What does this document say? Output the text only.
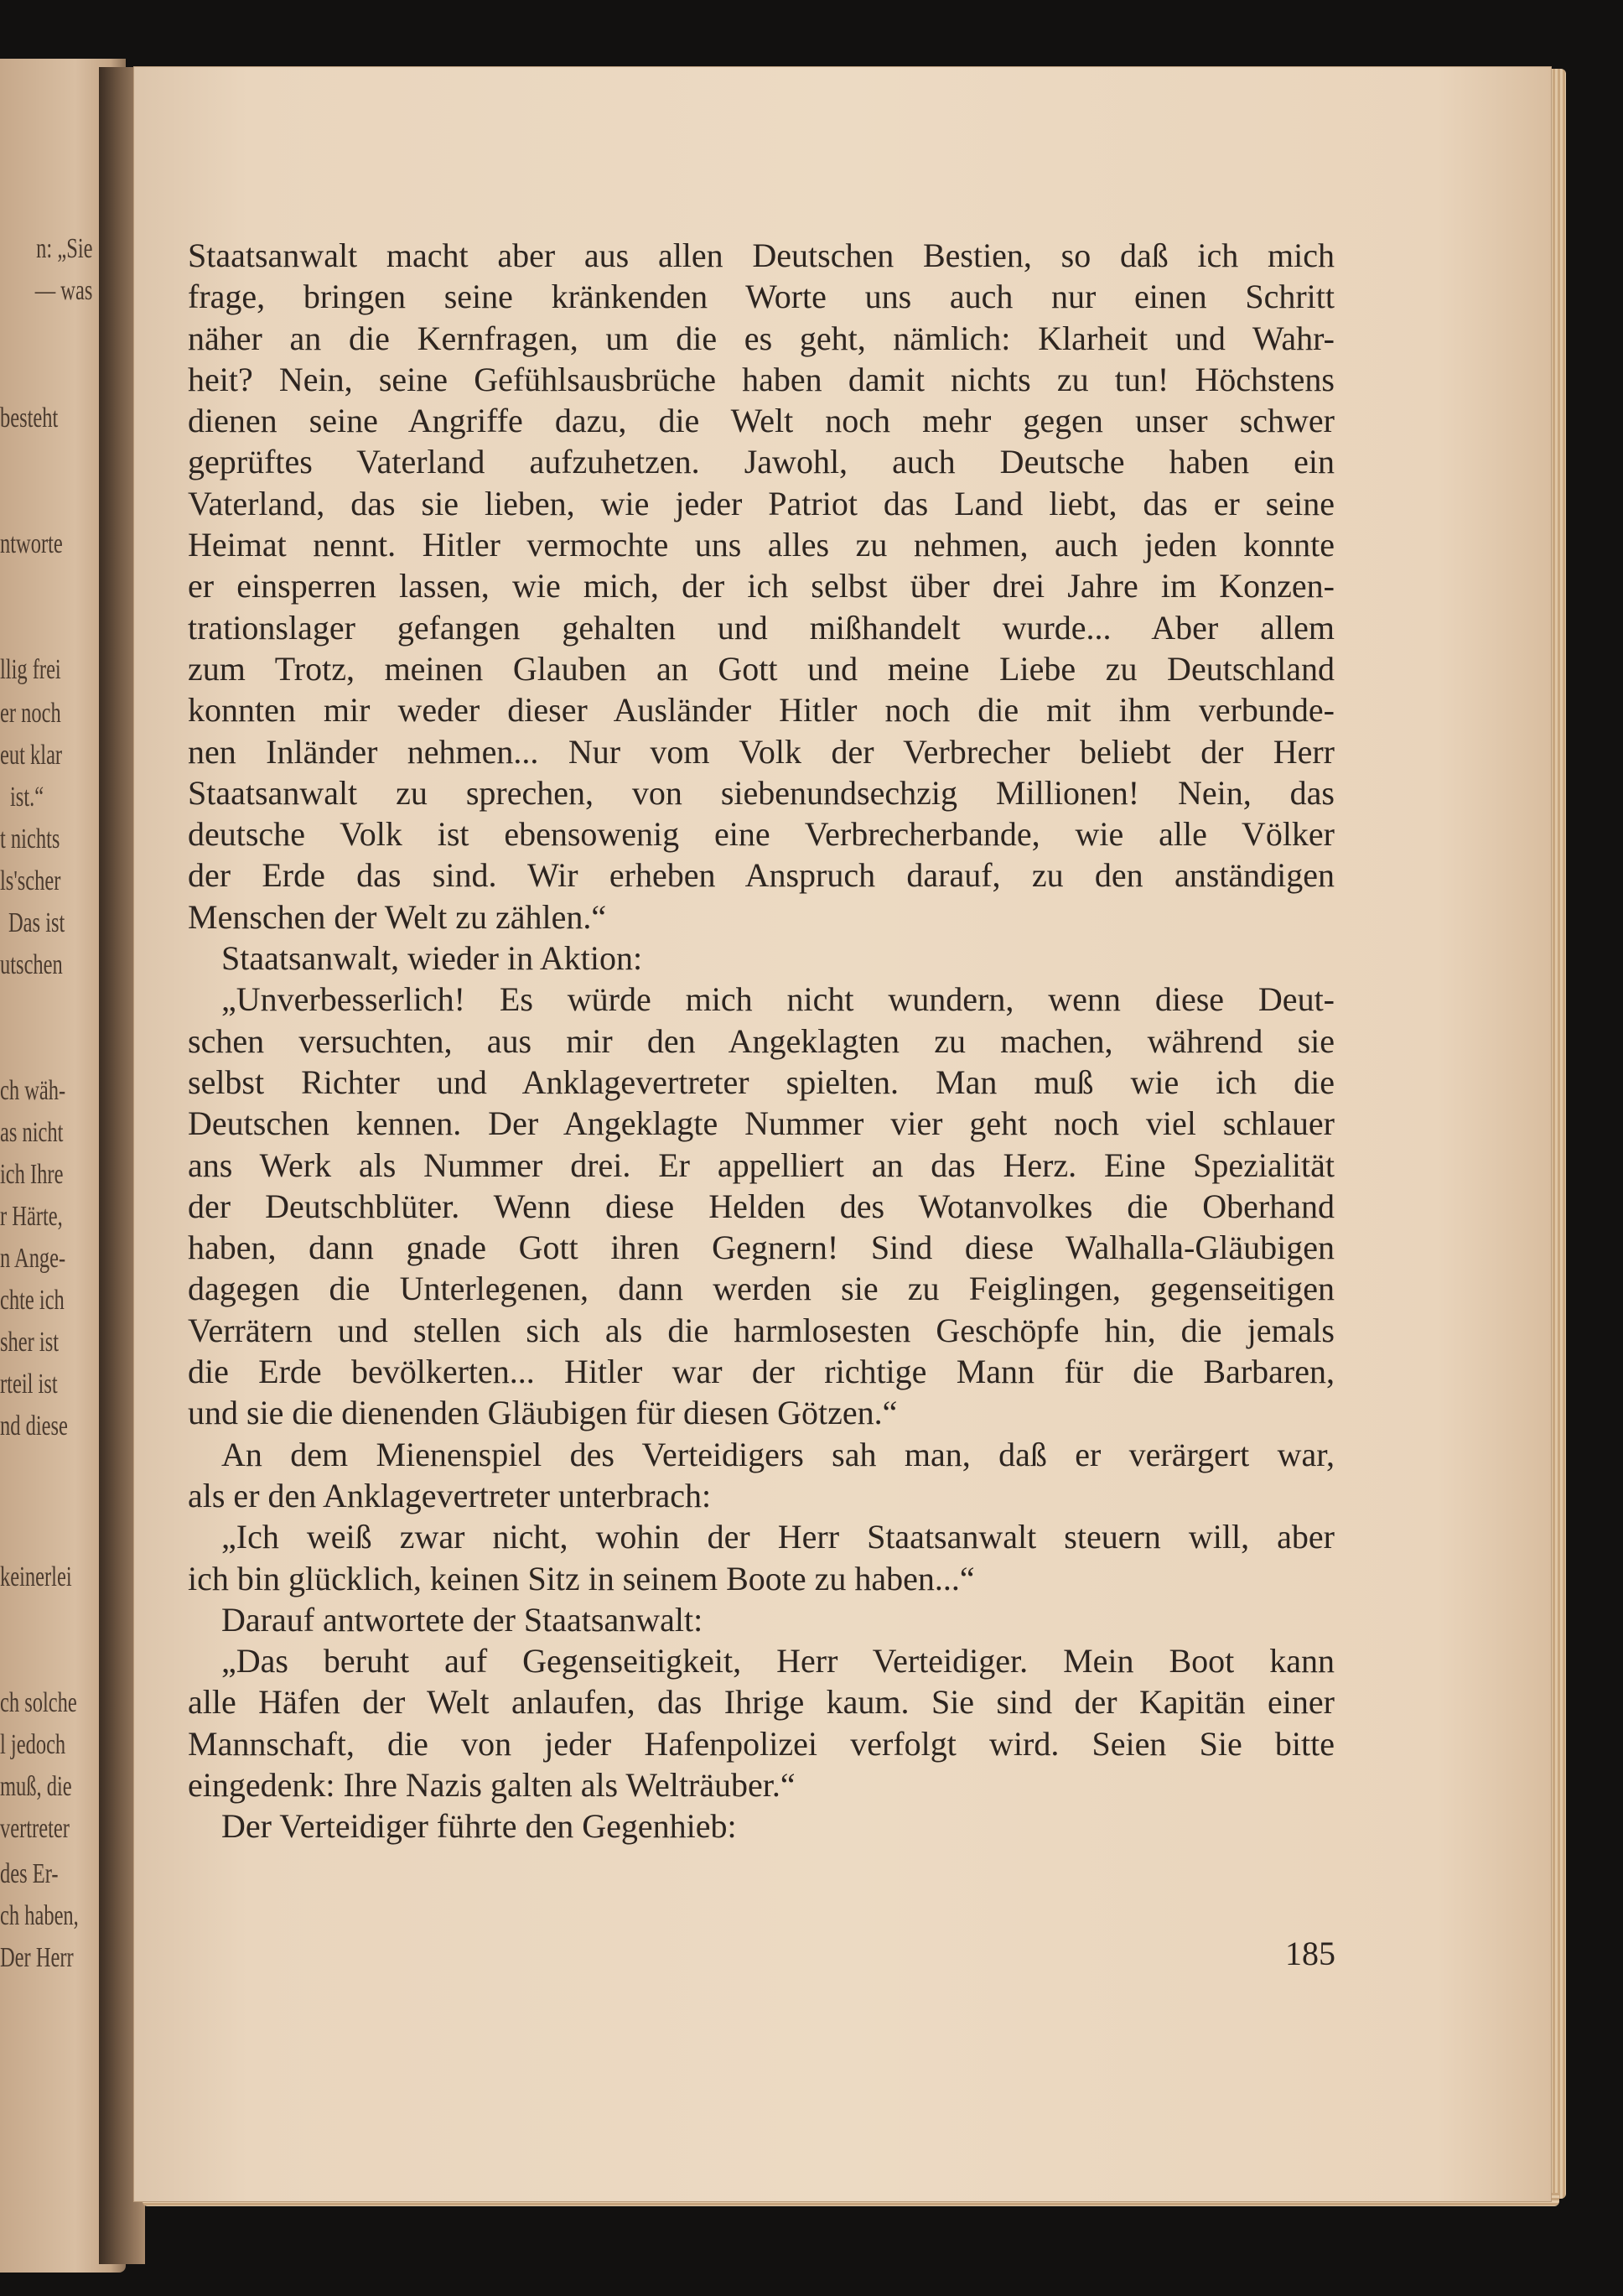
n: „Sie
— was
besteht
ntworte
llig frei
er noch
eut klar
ist.“
t nichts
ls'scher
Das ist
utschen
ch wäh-
as nicht
ich Ihre
r Härte,
n Ange-
chte ich
sher ist
rteil ist
nd diese
keinerlei
ch solche
l jedoch
muß, die
vertreter
des Er-
ch haben,
Der Herr
Staatsanwalt macht aber aus allen Deutschen Bestien, so daß ich mich
frage, bringen seine kränkenden Worte uns auch nur einen Schritt
näher an die Kernfragen, um die es geht, nämlich: Klarheit und Wahr-
heit? Nein, seine Gefühlsausbrüche haben damit nichts zu tun! Höchstens
dienen seine Angriffe dazu, die Welt noch mehr gegen unser schwer
geprüftes Vaterland aufzuhetzen. Jawohl, auch Deutsche haben ein
Vaterland, das sie lieben, wie jeder Patriot das Land liebt, das er seine
Heimat nennt. Hitler vermochte uns alles zu nehmen, auch jeden konnte
er einsperren lassen, wie mich, der ich selbst über drei Jahre im Konzen-
trationslager gefangen gehalten und mißhandelt wurde... Aber allem
zum Trotz, meinen Glauben an Gott und meine Liebe zu Deutschland
konnten mir weder dieser Ausländer Hitler noch die mit ihm verbunde-
nen Inländer nehmen... Nur vom Volk der Verbrecher beliebt der Herr
Staatsanwalt zu sprechen, von siebenundsechzig Millionen! Nein, das
deutsche Volk ist ebensowenig eine Verbrecherbande, wie alle Völker
der Erde das sind. Wir erheben Anspruch darauf, zu den anständigen
Menschen der Welt zu zählen.“
Staatsanwalt, wieder in Aktion:
„Unverbesserlich! Es würde mich nicht wundern, wenn diese Deut-
schen versuchten, aus mir den Angeklagten zu machen, während sie
selbst Richter und Anklagevertreter spielten. Man muß wie ich die
Deutschen kennen. Der Angeklagte Nummer vier geht noch viel schlauer
ans Werk als Nummer drei. Er appelliert an das Herz. Eine Spezialität
der Deutschblüter. Wenn diese Helden des Wotanvolkes die Oberhand
haben, dann gnade Gott ihren Gegnern! Sind diese Walhalla-Gläubigen
dagegen die Unterlegenen, dann werden sie zu Feiglingen, gegenseitigen
Verrätern und stellen sich als die harmlosesten Geschöpfe hin, die jemals
die Erde bevölkerten... Hitler war der richtige Mann für die Barbaren,
und sie die dienenden Gläubigen für diesen Götzen.“
An dem Mienenspiel des Verteidigers sah man, daß er verärgert war,
als er den Anklagevertreter unterbrach:
„Ich weiß zwar nicht, wohin der Herr Staatsanwalt steuern will, aber
ich bin glücklich, keinen Sitz in seinem Boote zu haben...“
Darauf antwortete der Staatsanwalt:
„Das beruht auf Gegenseitigkeit, Herr Verteidiger. Mein Boot kann
alle Häfen der Welt anlaufen, das Ihrige kaum. Sie sind der Kapitän einer
Mannschaft, die von jeder Hafenpolizei verfolgt wird. Seien Sie bitte
eingedenk: Ihre Nazis galten als Welträuber.“
Der Verteidiger führte den Gegenhieb:
185
